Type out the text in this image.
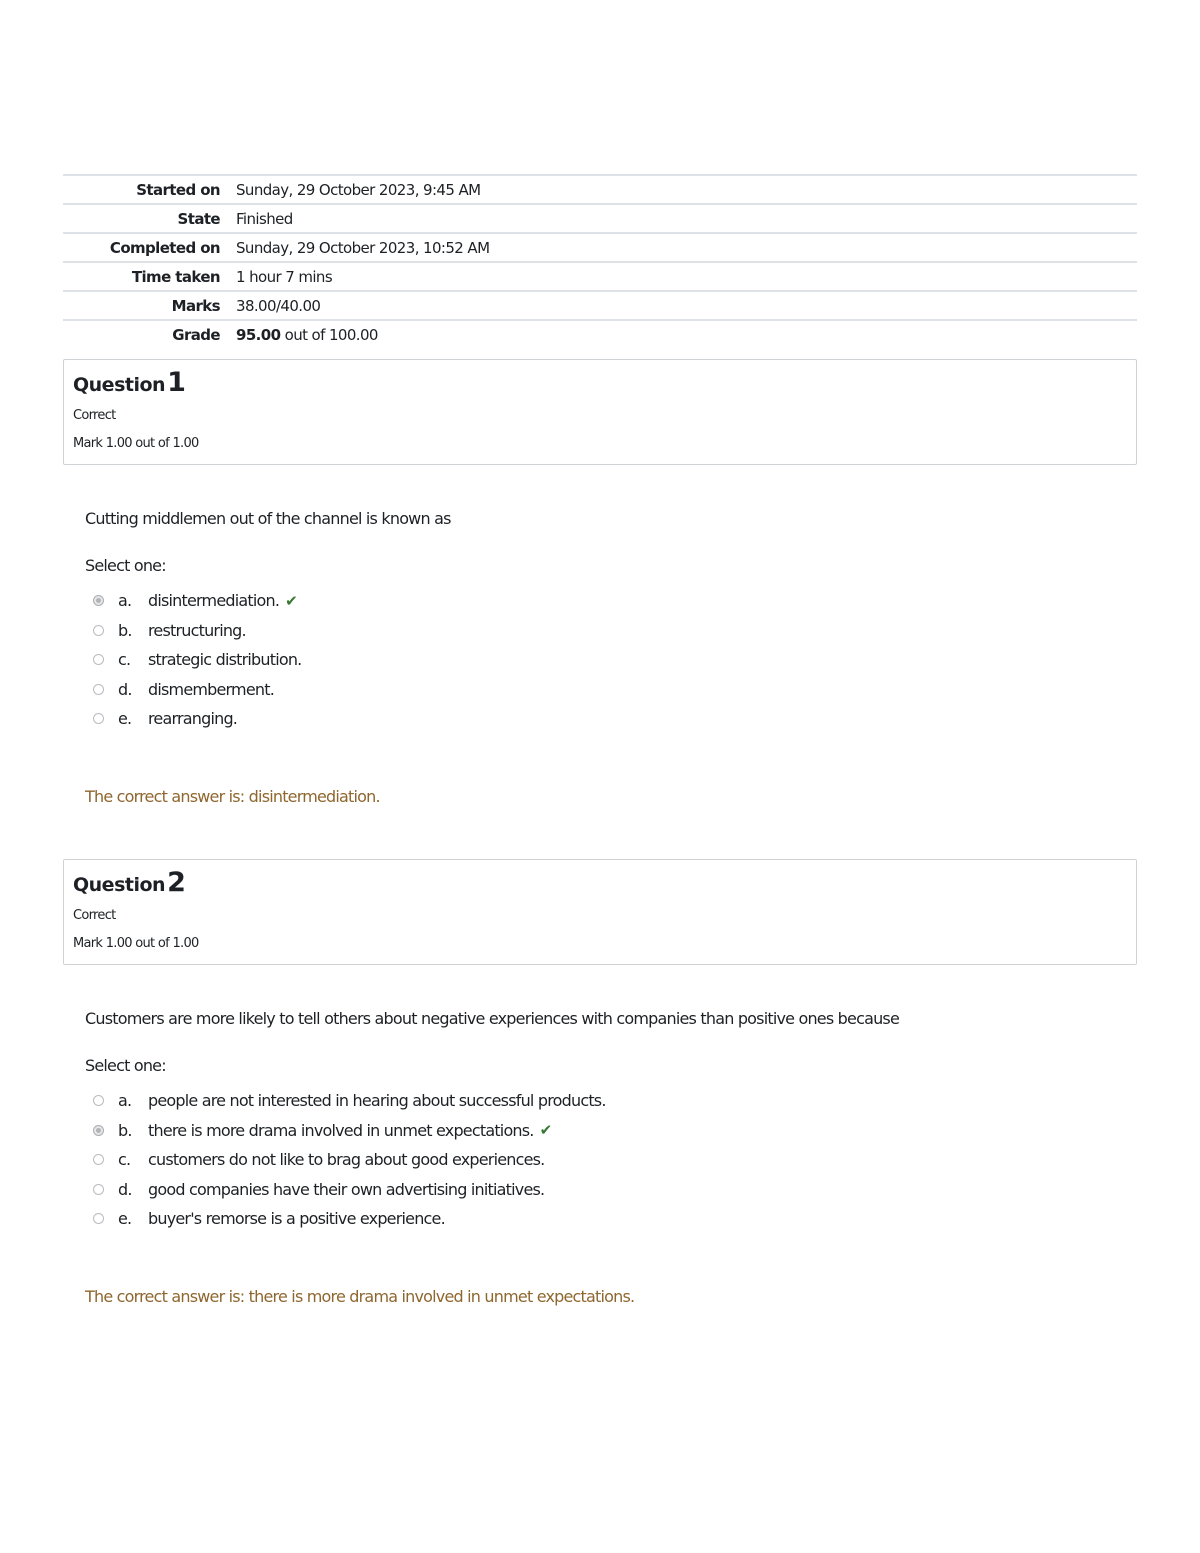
Started on	Sunday, 29 October 2023, 9:45 AM
State	Finished
Completed on	Sunday, 29 October 2023, 10:52 AM
Time taken	1 hour 7 mins
Marks	38.00/40.00
Grade	95.00 out of 100.00
Question1
Correct
Mark 1.00 out of 1.00
Cutting middlemen out of the channel is known as
Select one:
a.	disintermediation. ✔
b.	restructuring.
c.	strategic distribution.
d.	dismemberment.
e.	rearranging.
The correct answer is: disintermediation.
Question2
Correct
Mark 1.00 out of 1.00
Customers are more likely to tell others about negative experiences with companies than positive ones because
Select one:
a.	people are not interested in hearing about successful products.
b.	there is more drama involved in unmet expectations. ✔
c.	customers do not like to brag about good experiences.
d.	good companies have their own advertising initiatives.
e.	buyer's remorse is a positive experience.
The correct answer is: there is more drama involved in unmet expectations.
